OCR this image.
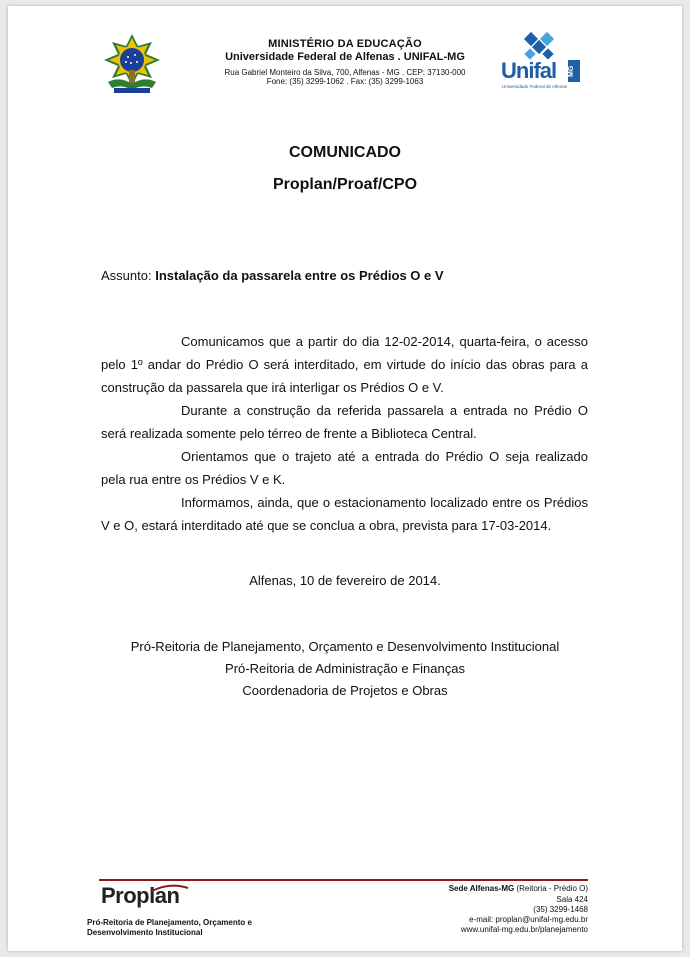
MINISTÉRIO DA EDUCAÇÃO
Universidade Federal de Alfenas . UNIFAL-MG
Rua Gabriel Monteiro da Silva, 700, Alfenas - MG . CEP: 37130-000
Fone: (35) 3299-1062 . Fax: (35) 3299-1063	Unifal MG
Universidade Federal de Alfenas
COMUNICADO
Proplan/Proaf/CPO
Assunto: Instalação da passarela entre os Prédios O e V
Comunicamos que a partir do dia 12-02-2014, quarta-feira, o acesso pelo 1º andar do Prédio O será interditado, em virtude do início das obras para a construção da passarela que irá interligar os Prédios O e V.
Durante a construção da referida passarela a entrada no Prédio O será realizada somente pelo térreo de frente a Biblioteca Central.
Orientamos que o trajeto até a entrada do Prédio O seja realizado pela rua entre os Prédios V e K.
Informamos, ainda, que o estacionamento localizado entre os Prédios V e O, estará interditado até que se conclua a obra, prevista para 17-03-2014.
Alfenas, 10 de fevereiro de 2014.
Pró-Reitoria de Planejamento, Orçamento e Desenvolvimento Institucional
Pró-Reitoria de Administração e Finanças
Coordenadoria de Projetos e Obras
Proplan
Pró-Reitoria de Planejamento, Orçamento e
Desenvolvimento Institucional
Sede Alfenas-MG (Reitoria - Prédio O)
Sala 424
(35) 3299-1468
e-mail: proplan@unifal-mg.edu.br
www.unifal-mg.edu.br/planejamento
